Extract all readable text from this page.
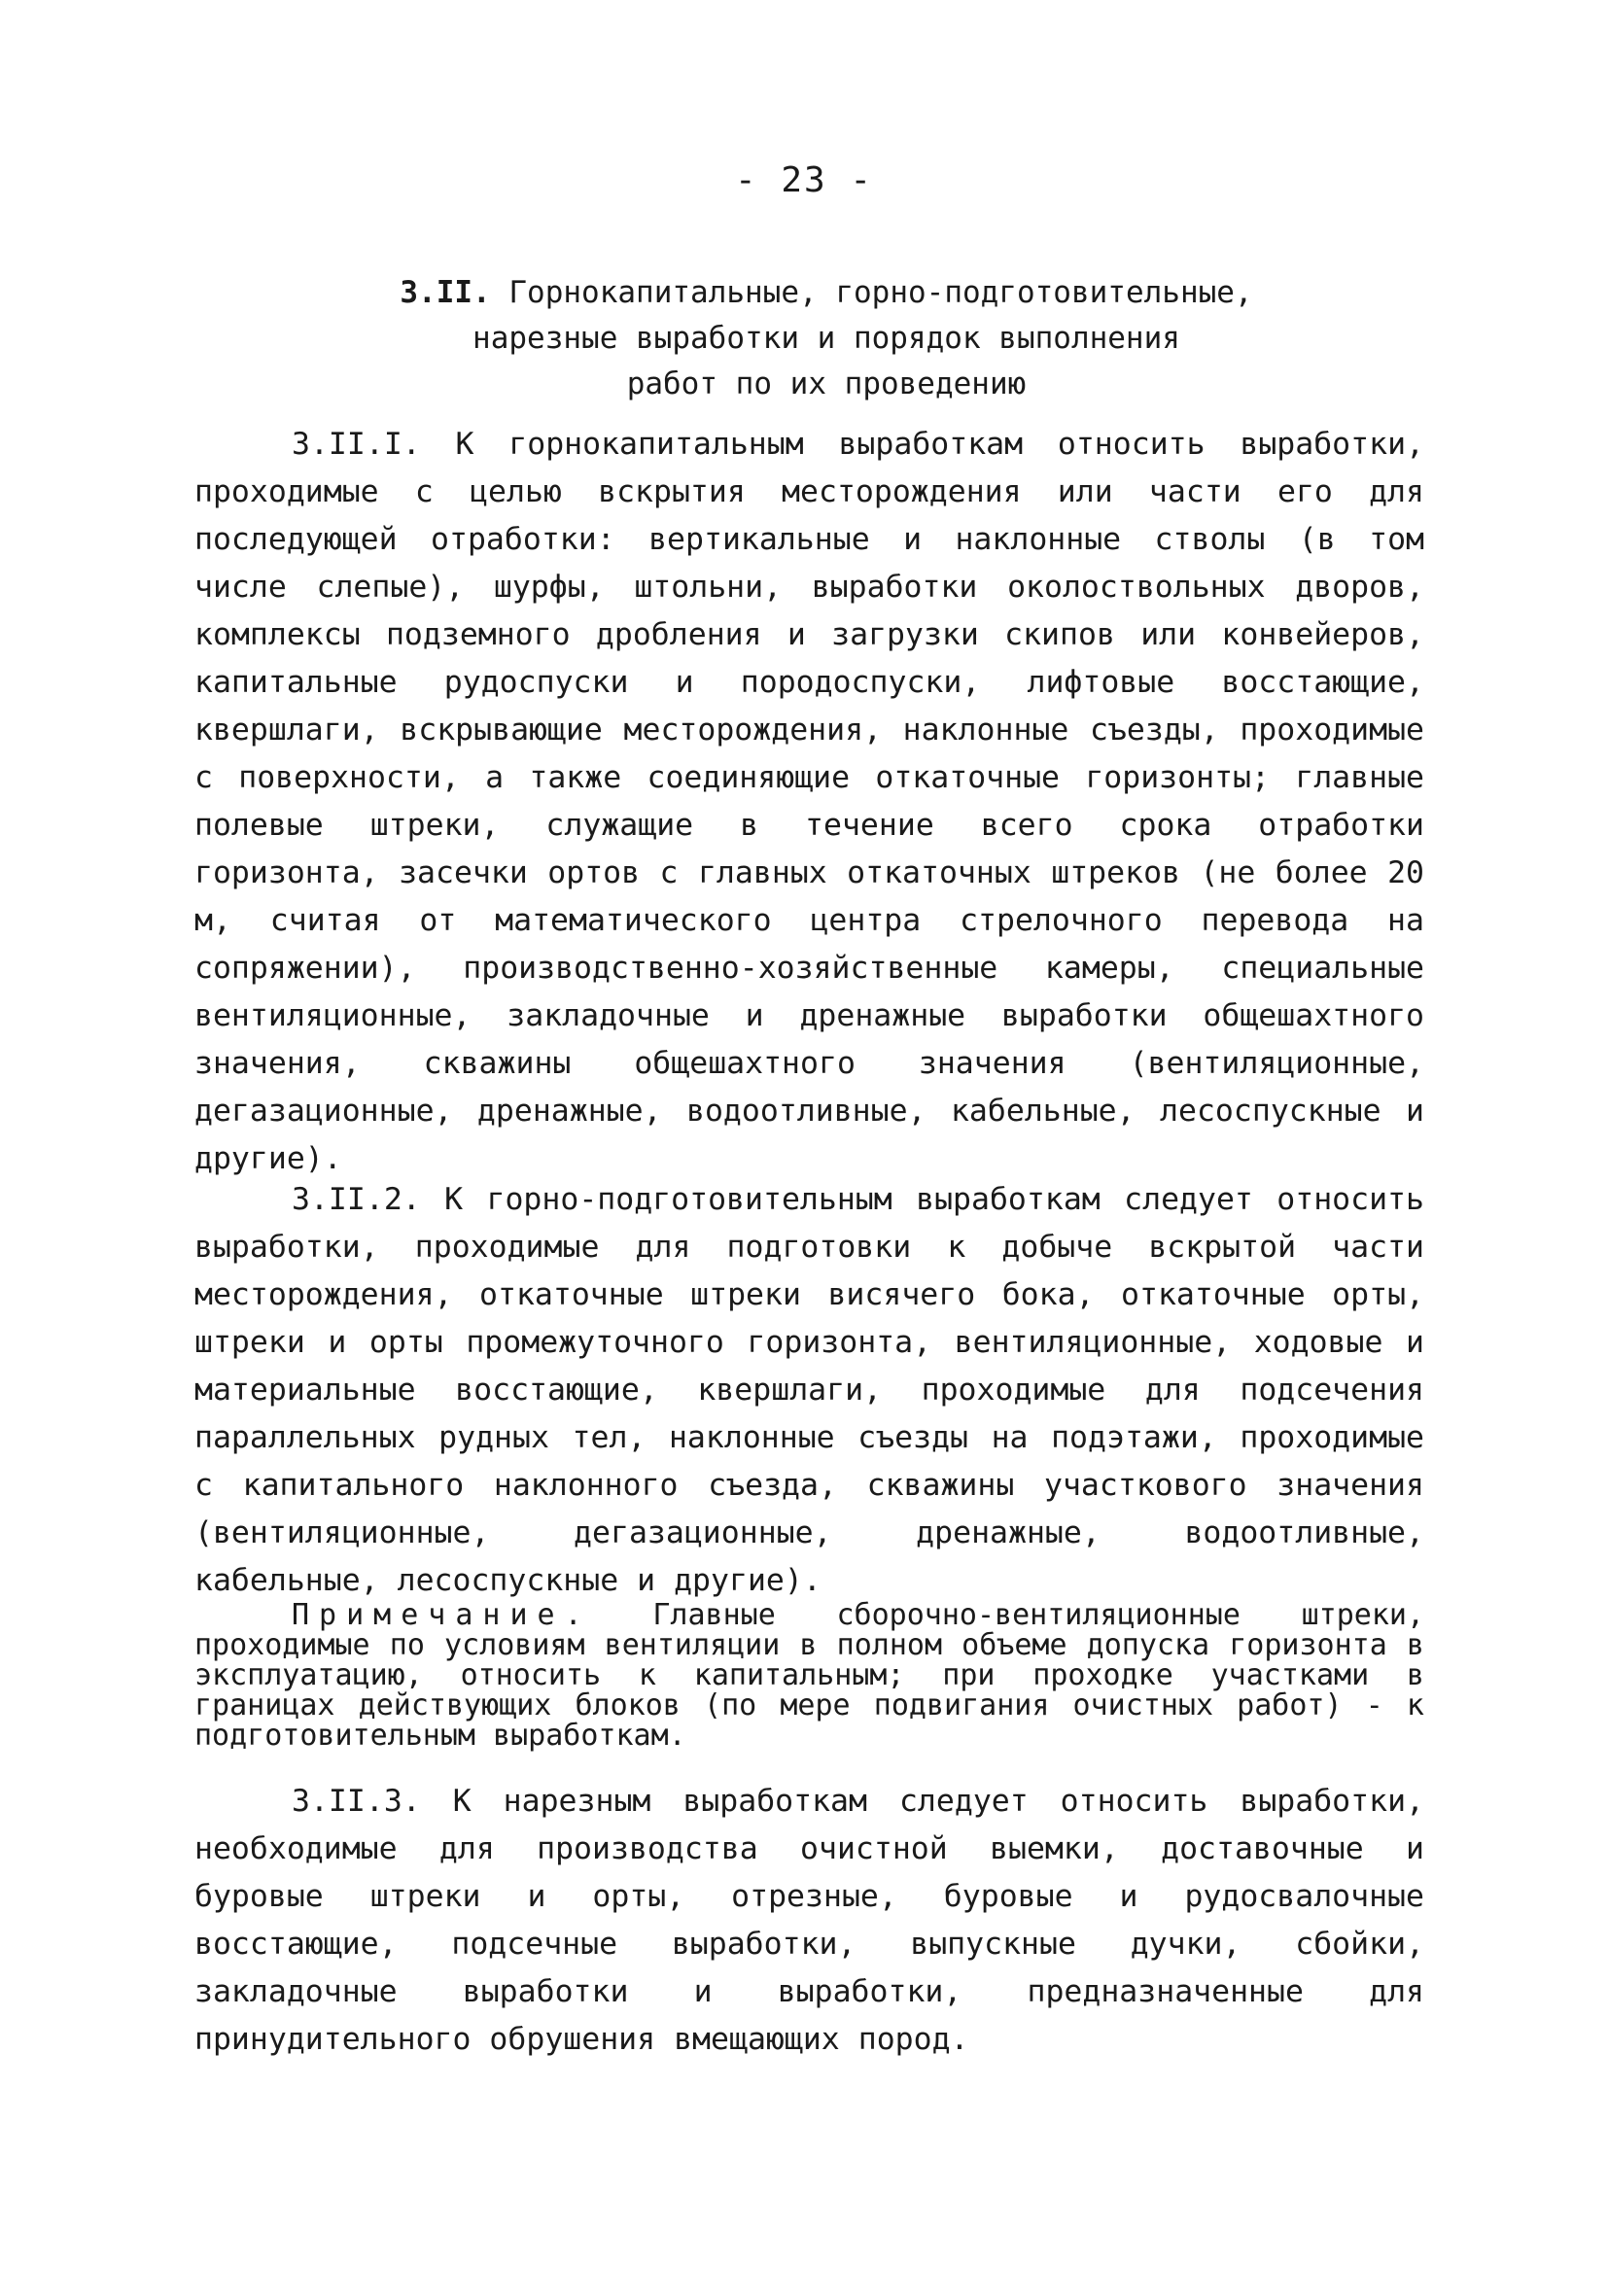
- 23 -
3.II. Горнокапитальные, горно-подготовительные,
нарезные выработки и порядок выполнения
работ по их проведению

3.II.I. К горнокапитальным выработкам относить выработки, проходимые с целью вскрытия месторождения или части его для последующей отработки: вертикальные и наклонные стволы (в том числе слепые), шурфы, штольни, выработки околоствольных дворов, комплексы подземного дробления и загрузки скипов или конвейеров, капитальные рудоспуски и породоспуски, лифтовые восстающие, квершлаги, вскрывающие месторождения, наклонные съезды, проходимые с поверхности, а также соединяющие откаточные горизонты; главные полевые штреки, служащие в течение всего срока отработки горизонта, засечки ортов с главных откаточных штреков (не более 20 м, считая от математического центра стрелочного перевода на сопряжении), производственно-хозяйственные камеры, специальные вентиляционные, закладочные и дренажные выработки общешахтного значения, скважины общешахтного значения (вентиляционные, дегазационные, дренажные, водоотливные, кабельные, лесоспускные и другие).

3.II.2. К горно-подготовительным выработкам следует относить выработки, проходимые для подготовки к добыче вскрытой части месторождения, откаточные штреки висячего бока, откаточные орты, штреки и орты промежуточного горизонта, вентиляционные, ходовые и материальные восстающие, квершлаги, проходимые для подсечения параллельных рудных тел, наклонные съезды на подэтажи, проходимые с капитального наклонного съезда, скважины участкового значения (вентиляционные, дегазационные, дренажные, водоотливные, кабельные, лесоспускные и другие).

Примечание. Главные сборочно-вентиляционные штреки, проходимые по условиям вентиляции в полном объеме допуска горизонта в эксплуатацию, относить к капитальным; при проходке участками в границах действующих блоков (по мере подвигания очистных работ) - к подготовительным выработкам.

3.II.3. К нарезным выработкам следует относить выработки, необходимые для производства очистной выемки, доставочные и буровые штреки и орты, отрезные, буровые и рудосвалочные восстающие, подсечные выработки, выпускные дучки, сбойки, закладочные выработки и выработки, предназначенные для принудительного обрушения вмещающих пород.
